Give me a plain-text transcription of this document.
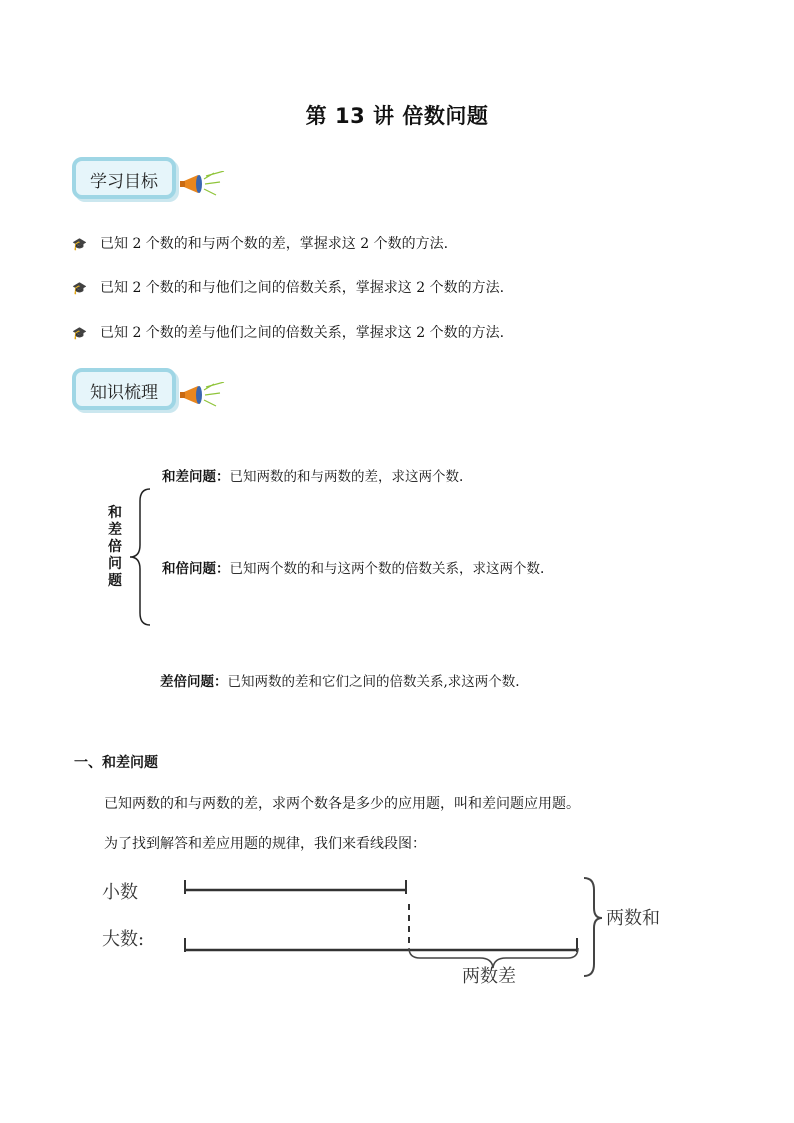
第 13 讲 倍数问题
学习目标
🎓 已知 2 个数的和与两个数的差，掌握求这 2 个数的方法.
🎓 已知 2 个数的和与他们之间的倍数关系，掌握求这 2 个数的方法.
🎓 已知 2 个数的差与他们之间的倍数关系，掌握求这 2 个数的方法.
知识梳理
和差倍问题
和差问题：已知两数的和与两数的差，求这两个数.
和倍问题：已知两个数的和与这两个数的倍数关系，求这两个数.
差倍问题：已知两数的差和它们之间的倍数关系,求这两个数.
一、和差问题
已知两数的和与两数的差，求两个数各是多少的应用题，叫和差问题应用题。
为了找到解答和差应用题的规律，我们来看线段图：
小数
大数:
两数和
两数差
